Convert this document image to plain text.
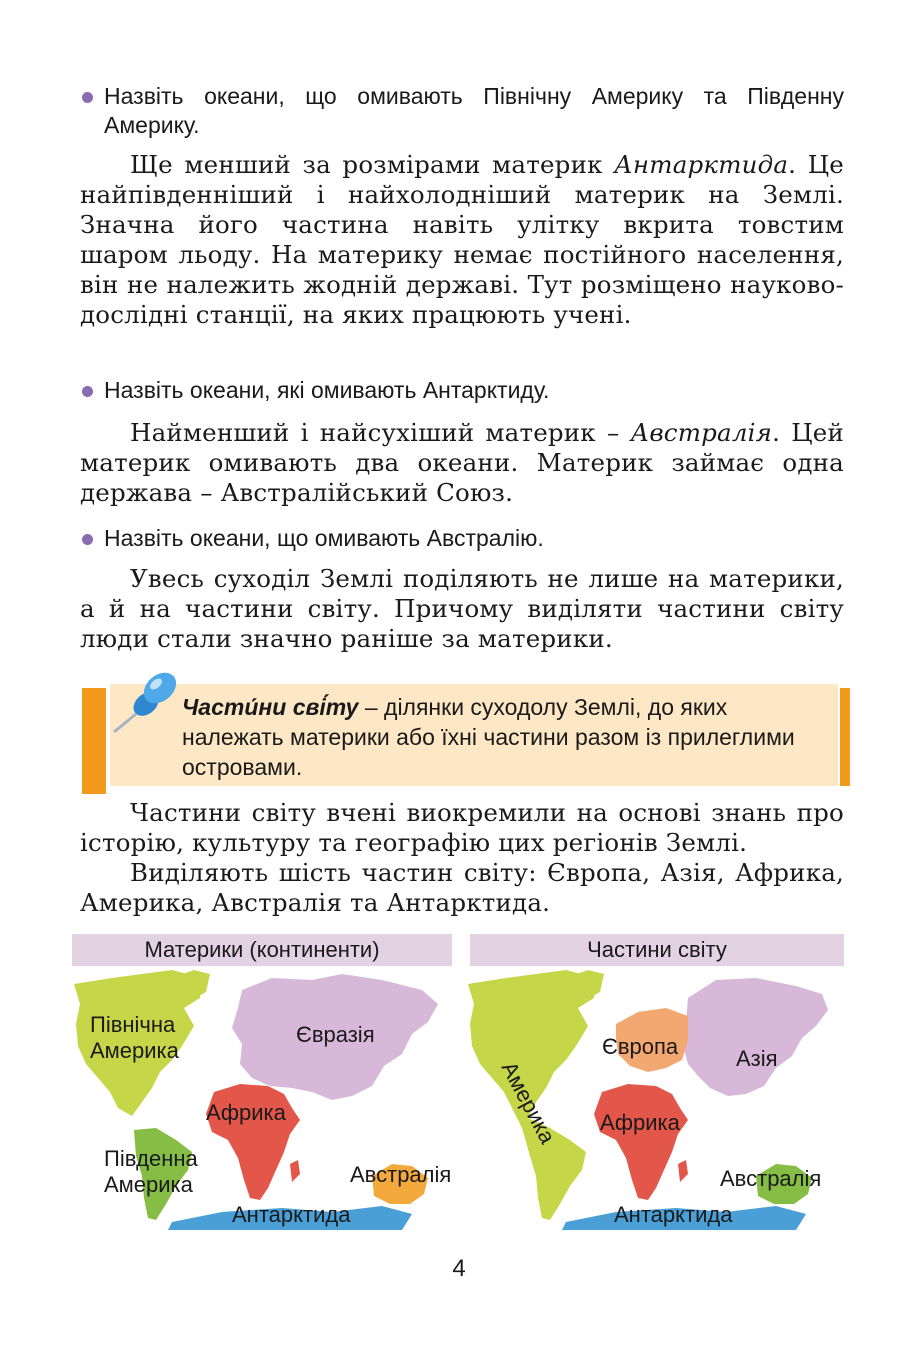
Назвіть океани, що омивають Північну Америку та Південну Америку.
Ще менший за розмірами материк Антарктида. Це найпівденніший і найхолодніший материк на Землі. Значна його частина навіть улітку вкрита товстим шаром льоду. На материку немає постійного населення, він не належить жодній державі. Тут розміщено науково-дослідні станції, на яких працюють учені.
Назвіть океани, які омивають Антарктиду.
Найменший і найсухіший материк – Австралія. Цей материк омивають два океани. Материк займає одна держава – Австралійський Союз.
Назвіть океани, що омивають Австралію.
Увесь суходіл Землі поділяють не лише на материки, а й на частини світу. Причому виділяти частини світу люди стали значно раніше за материки.
Части́ни сві́ту – ділянки суходолу Землі, до яких належать материки або їхні частини разом із прилеглими островами.
Частини світу вчені виокремили на основі знань про історію, культуру та географію цих регіонів Землі.
Виділяють шість частин світу: Європа, Азія, Африка, Америка, Австралія та Антарктида.
Материки (континенти)	Частини світу
Північна
Америка
Євразія
Африка
Південна
Америка	Австралія
Антарктида
Америка
Європа	Азія
Африка
Австралія
Антарктида
4
